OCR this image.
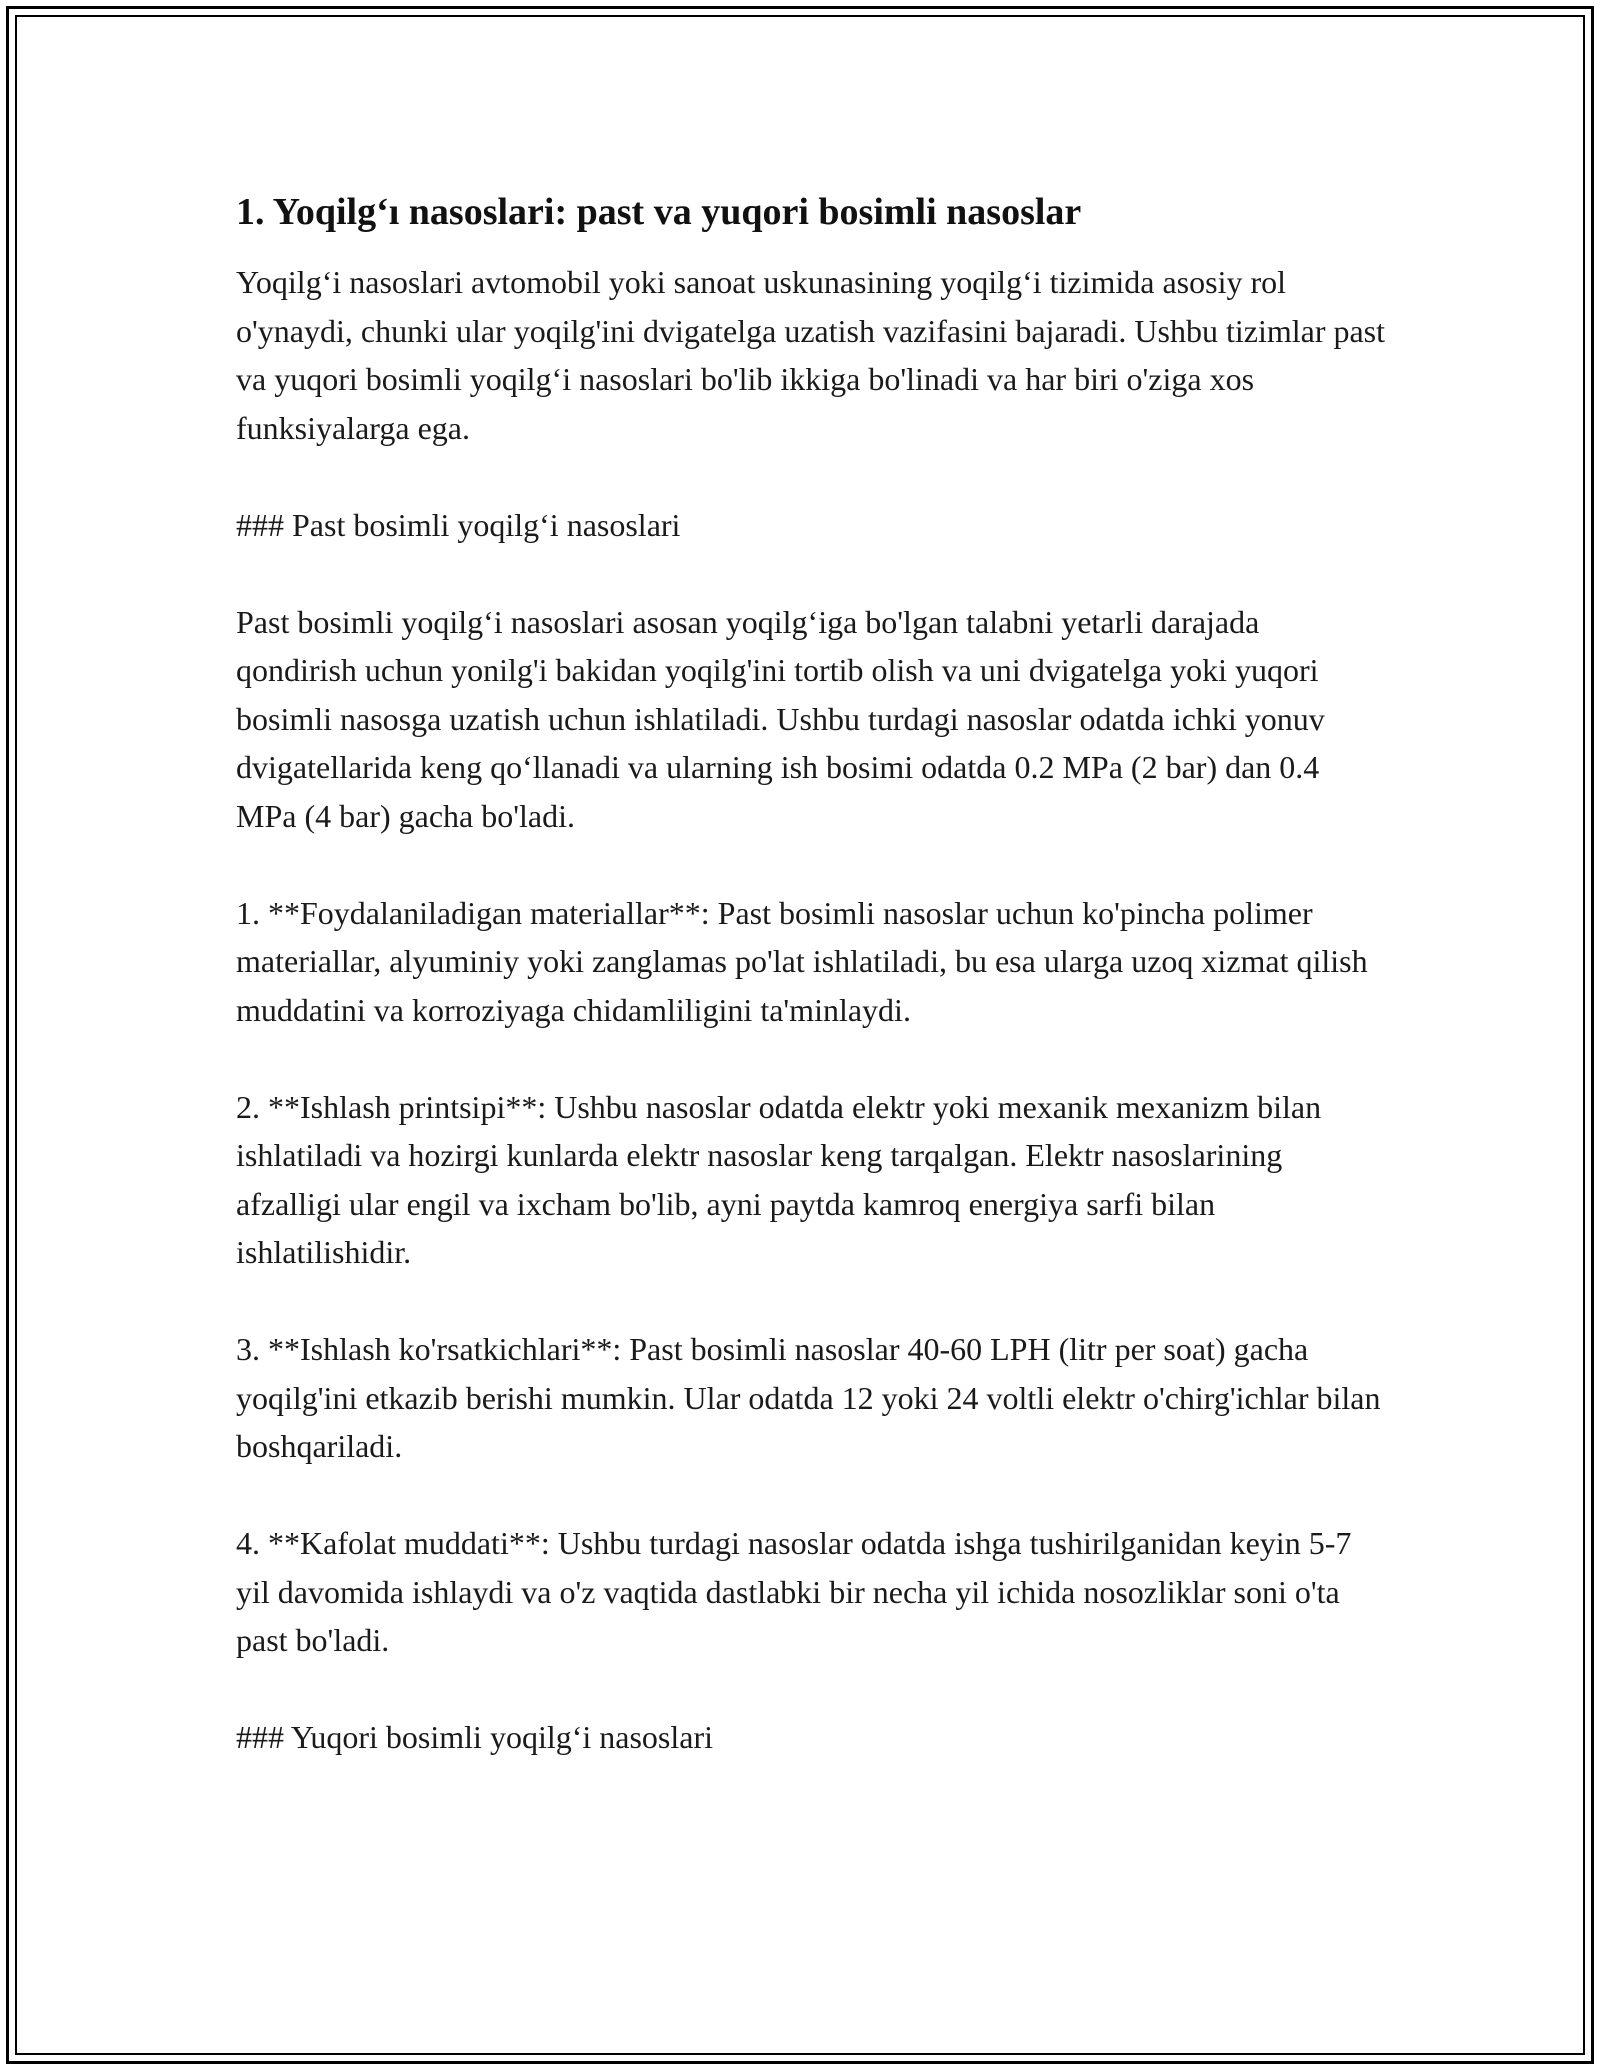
1. Yoqilg‘ı nasoslari: past va yuqori bosimli nasoslar

Yoqilg‘i nasoslari avtomobil yoki sanoat uskunasining yoqilg‘i tizimida asosiy rol o'ynaydi, chunki ular yoqilg'ini dvigatelga uzatish vazifasini bajaradi. Ushbu tizimlar past va yuqori bosimli yoqilg‘i nasoslari bo'lib ikkiga bo'linadi va har biri o'ziga xos funksiyalarga ega.

### Past bosimli yoqilg‘i nasoslari

Past bosimli yoqilg‘i nasoslari asosan yoqilg‘iga bo'lgan talabni yetarli darajada qondirish uchun yonilg'i bakidan yoqilg'ini tortib olish va uni dvigatelga yoki yuqori bosimli nasosga uzatish uchun ishlatiladi. Ushbu turdagi nasoslar odatda ichki yonuv dvigatellarida keng qo‘llanadi va ularning ish bosimi odatda 0.2 MPa (2 bar) dan 0.4 MPa (4 bar) gacha bo'ladi.

1. **Foydalaniladigan materiallar**: Past bosimli nasoslar uchun ko'pincha polimer materiallar, alyuminiy yoki zanglamas po'lat ishlatiladi, bu esa ularga uzoq xizmat qilish muddatini va korroziyaga chidamliligini ta'minlaydi.

2. **Ishlash printsipi**: Ushbu nasoslar odatda elektr yoki mexanik mexanizm bilan ishlatiladi va hozirgi kunlarda elektr nasoslar keng tarqalgan. Elektr nasoslarining afzalligi ular engil va ixcham bo'lib, ayni paytda kamroq energiya sarfi bilan ishlatilishidir.

3. **Ishlash ko'rsatkichlari**: Past bosimli nasoslar 40-60 LPH (litr per soat) gacha yoqilg'ini etkazib berishi mumkin. Ular odatda 12 yoki 24 voltli elektr o'chirg'ichlar bilan boshqariladi.

4. **Kafolat muddati**: Ushbu turdagi nasoslar odatda ishga tushirilganidan keyin 5-7 yil davomida ishlaydi va o'z vaqtida dastlabki bir necha yil ichida nosozliklar soni o'ta past bo'ladi.

### Yuqori bosimli yoqilg‘i nasoslari
